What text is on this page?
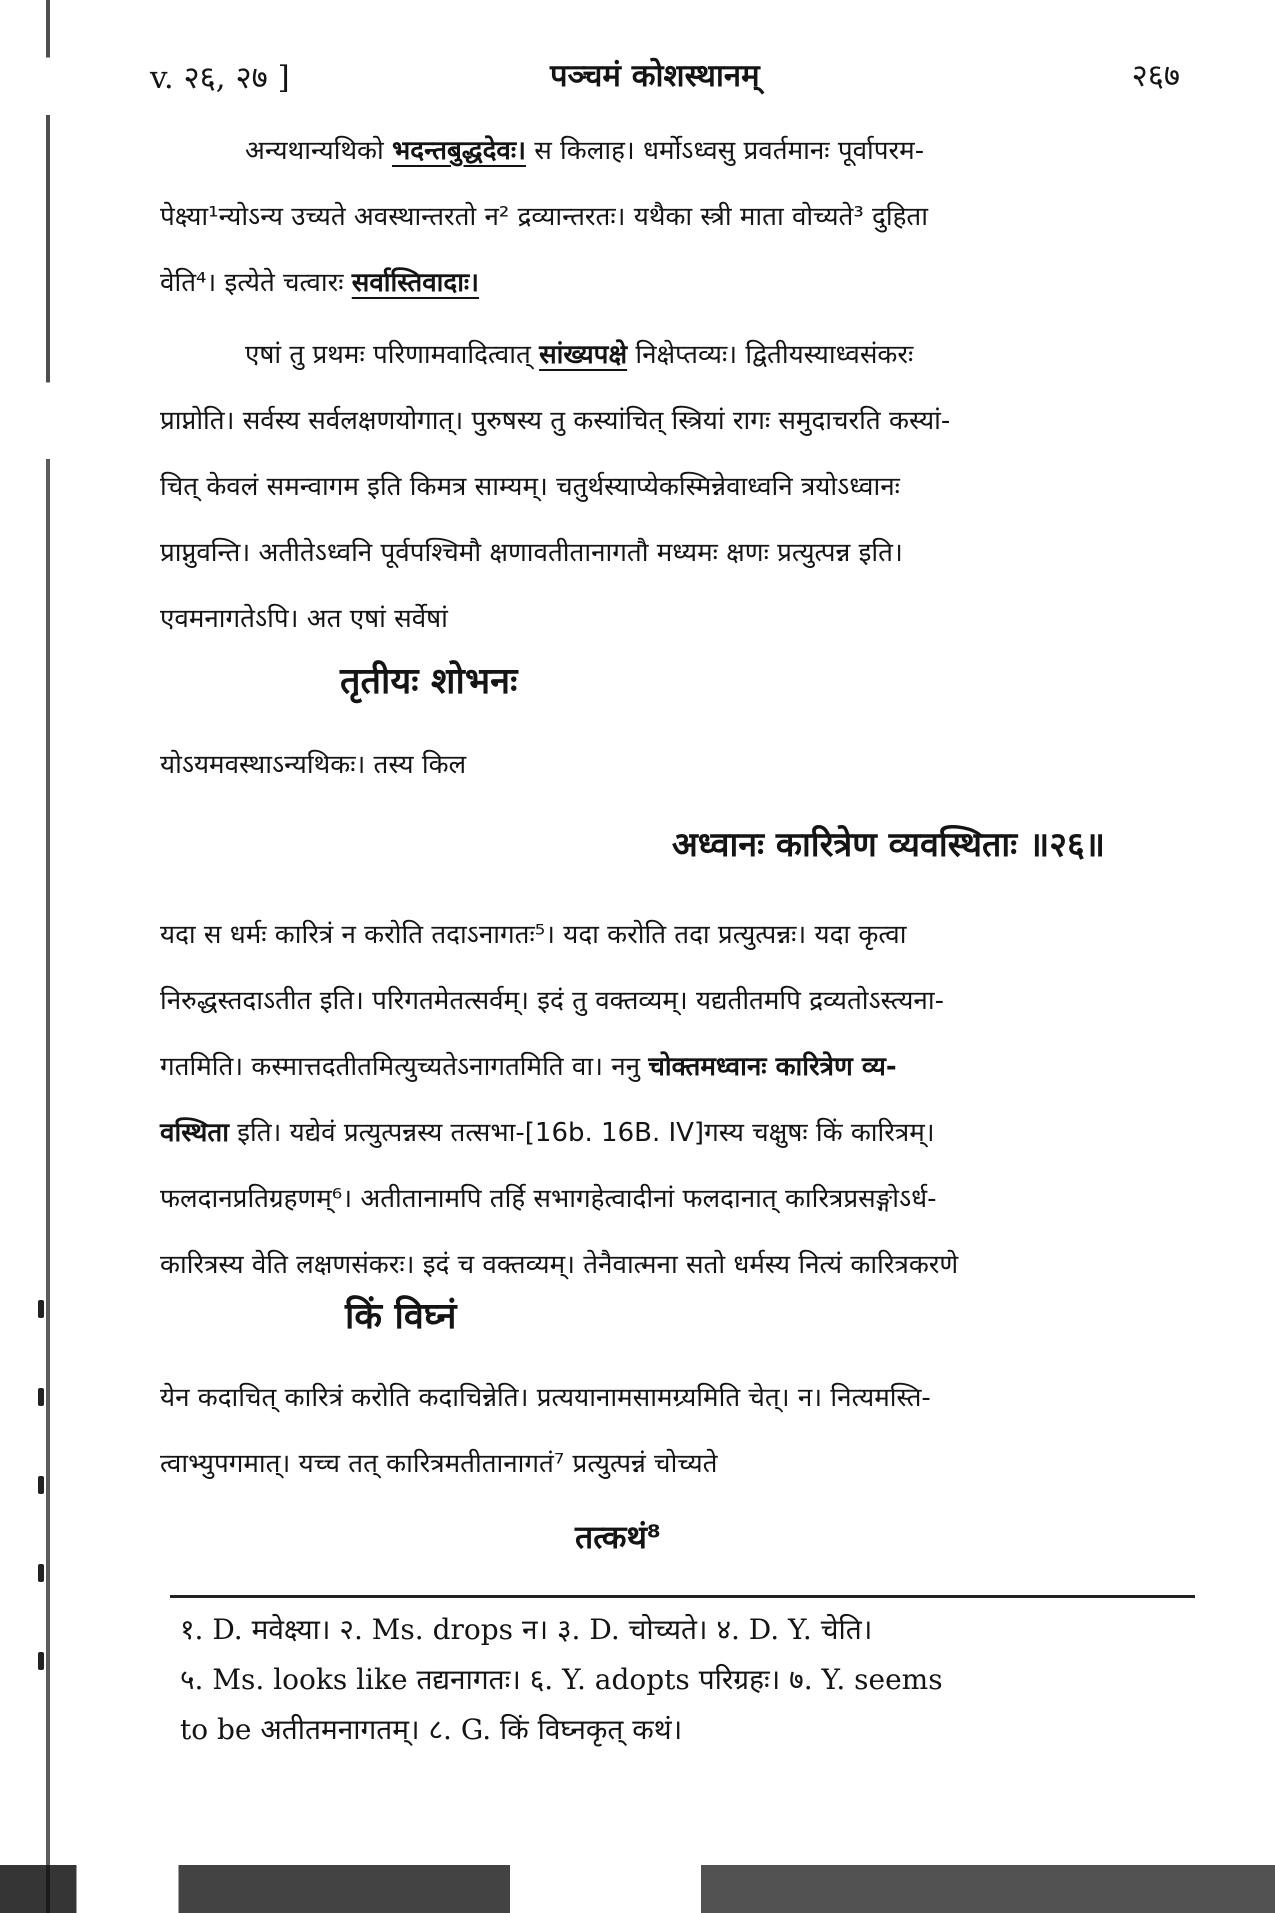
v. २६, २७ ]	पञ्चमं कोशस्थानम्	२६७
अन्यथान्यथिको भदन्तबुद्धदेवः। स किलाह। धर्मोऽध्वसु प्रवर्तमानः पूर्वापरम-
पेक्ष्या¹न्योऽन्य उच्यते अवस्थान्तरतो न² द्रव्यान्तरतः। यथैका स्त्री माता वोच्यते³ दुहिता
वेति⁴। इत्येते चत्वारः सर्वास्तिवादाः।
एषां तु प्रथमः परिणामवादित्वात् सांख्यपक्षे निक्षेप्तव्यः। द्वितीयस्याध्वसंकरः
प्राप्नोति। सर्वस्य सर्वलक्षणयोगात्। पुरुषस्य तु कस्यांचित् स्त्रियां रागः समुदाचरति कस्यां-
चित् केवलं समन्वागम इति किमत्र साम्यम्। चतुर्थस्याप्येकस्मिन्नेवाध्वनि त्रयोऽध्वानः
प्राप्नुवन्ति। अतीतेऽध्वनि पूर्वपश्चिमौ क्षणावतीतानागतौ मध्यमः क्षणः प्रत्युत्पन्न इति।
एवमनागतेऽपि। अत एषां सर्वेषां
तृतीयः शोभनः
योऽयमवस्थाऽन्यथिकः। तस्य किल
अध्वानः कारित्रेण व्यवस्थिताः ॥२६॥
यदा स धर्मः कारित्रं न करोति तदाऽनागतः⁵। यदा करोति तदा प्रत्युत्पन्नः। यदा कृत्वा
निरुद्धस्तदाऽतीत इति। परिगतमेतत्सर्वम्। इदं तु वक्तव्यम्। यद्यतीतमपि द्रव्यतोऽस्त्यना-
गतमिति। कस्मात्तदतीतमित्युच्यतेऽनागतमिति वा। ननु चोक्तमध्वानः कारित्रेण व्य-
वस्थिता इति। यद्येवं प्रत्युत्पन्नस्य तत्सभा-[16b. 16B. IV]गस्य चक्षुषः किं कारित्रम्।
फलदानप्रतिग्रहणम्⁶। अतीतानामपि तर्हि सभागहेत्वादीनां फलदानात् कारित्रप्रसङ्गोऽर्ध-
कारित्रस्य वेति लक्षणसंकरः। इदं च वक्तव्यम्। तेनैवात्मना सतो धर्मस्य नित्यं कारित्रकरणे
किं विघ्नं
येन कदाचित् कारित्रं करोति कदाचिन्नेति। प्रत्ययानामसामग्र्यमिति चेत्। न। नित्यमस्ति-
त्वाभ्युपगमात्। यच्च तत् कारित्रमतीतानागतं⁷ प्रत्युत्पन्नं चोच्यते
तत्कथं⁸
१. D. मवेक्ष्या। २. Ms. drops न। ३. D. चोच्यते। ४. D. Y. चेति।
५. Ms. looks like तद्यनागतः। ६. Y. adopts परिग्रहः। ७. Y. seems
to be अतीतमनागतम्। ८. G. किं विघ्नकृत् कथं।
